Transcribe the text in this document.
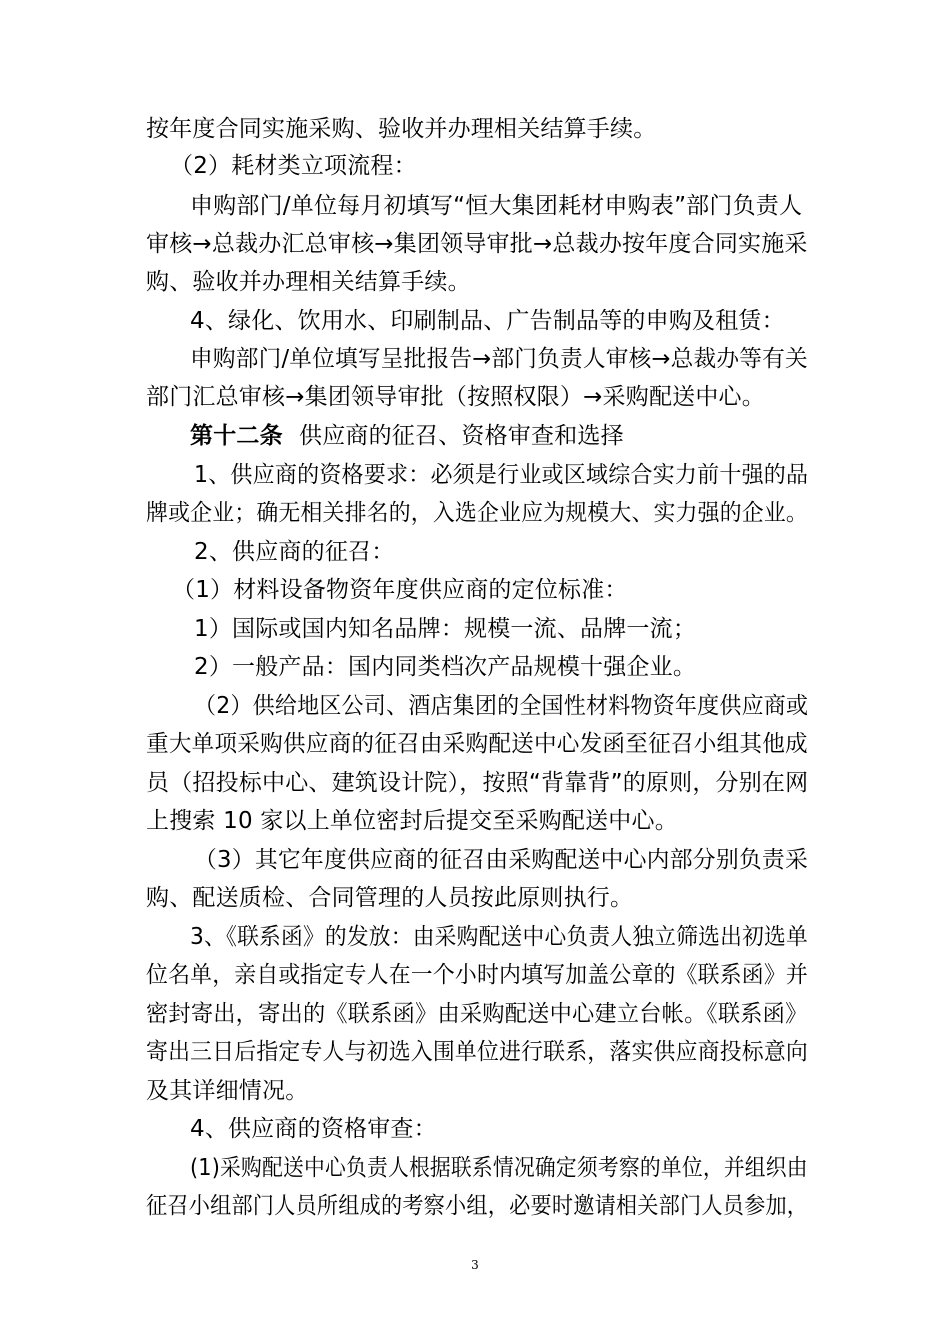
按年度合同实施采购、验收并办理相关结算手续。
（2）耗材类立项流程：
申购部门/单位每月初填写“恒大集团耗材申购表”部门负责人
审核→总裁办汇总审核→集团领导审批→总裁办按年度合同实施采
购、验收并办理相关结算手续。
4、绿化、饮用水、印刷制品、广告制品等的申购及租赁：
申购部门/单位填写呈批报告→部门负责人审核→总裁办等有关
部门汇总审核→集团领导审批（按照权限）→采购配送中心。
第十二条 供应商的征召、资格审查和选择
1、供应商的资格要求：必须是行业或区域综合实力前十强的品
牌或企业；确无相关排名的，入选企业应为规模大、实力强的企业。
2、供应商的征召：
（1）材料设备物资年度供应商的定位标准：
1）国际或国内知名品牌：规模一流、品牌一流；
2）一般产品：国内同类档次产品规模十强企业。
（2）供给地区公司、酒店集团的全国性材料物资年度供应商或
重大单项采购供应商的征召由采购配送中心发函至征召小组其他成
员（招投标中心、建筑设计院），按照“背靠背”的原则，分别在网
上搜索 10 家以上单位密封后提交至采购配送中心。
（3）其它年度供应商的征召由采购配送中心内部分别负责采
购、配送质检、合同管理的人员按此原则执行。
3、《联系函》的发放：由采购配送中心负责人独立筛选出初选单
位名单，亲自或指定专人在一个小时内填写加盖公章的《联系函》并
密封寄出，寄出的《联系函》由采购配送中心建立台帐。《联系函》
寄出三日后指定专人与初选入围单位进行联系，落实供应商投标意向
及其详细情况。
4、供应商的资格审查：
(1)采购配送中心负责人根据联系情况确定须考察的单位，并组织由
征召小组部门人员所组成的考察小组，必要时邀请相关部门人员参加，
3
